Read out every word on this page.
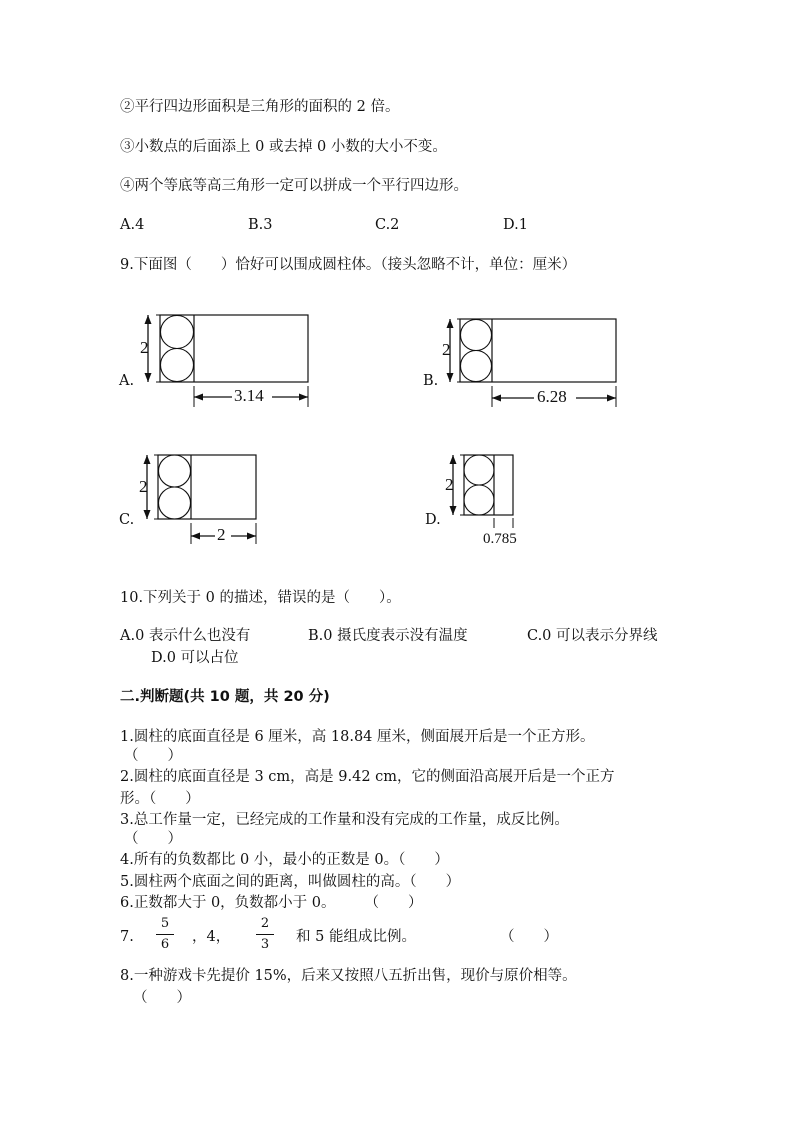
②平行四边形面积是三角形的面积的 2 倍。
③小数点的后面添上 0 或去掉 0 小数的大小不变。
④两个等底等高三角形一定可以拼成一个平行四边形。
A.4	B.3	C.2	D.1
9.下面图（　　）恰好可以围成圆柱体。（接头忽略不计，单位：厘米）
A.
2
3.14
B.
2
6.28
C.
2
2
D.
2
0.785
10.下列关于 0 的描述，错误的是（　　）。
A.0 表示什么也没有	B.0 摄氏度表示没有温度	C.0 可以表示分界线
D.0 可以占位
二.判断题(共 10 题，共 20 分)
1.圆柱的底面直径是 6 厘米，高 18.84 厘米，侧面展开后是一个正方形。
（　　）
2.圆柱的底面直径是 3 cm，高是 9.42 cm，它的侧面沿高展开后是一个正方
形。（　　）
3.总工作量一定，已经完成的工作量和没有完成的工作量，成反比例。
（　　）
4.所有的负数都比 0 小，最小的正数是 0。（　　）
5.圆柱两个底面之间的距离，叫做圆柱的高。（　　）
6.正数都大于 0，负数都小于 0。　　　（　　）
7.
5
6	，4，
2
3	和 5 能组成比例。	（　　）
8.一种游戏卡先提价 15%，后来又按照八五折出售，现价与原价相等。
（　　）
